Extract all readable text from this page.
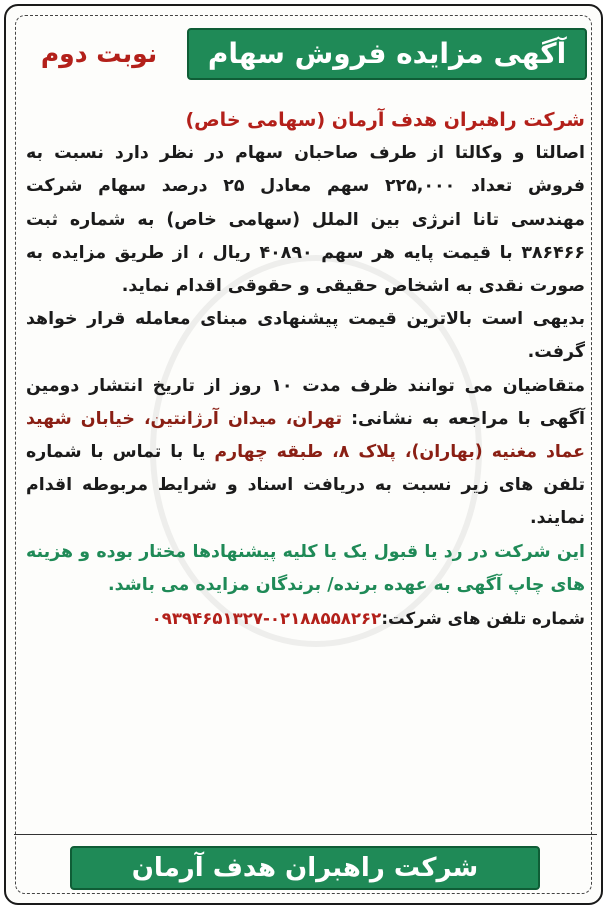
آگهی مزایده فروش سهام
نوبت دوم

شرکت راهبران هدف آرمان (سهامی خاص)

اصالتا و وکالتا از طرف صاحبان سهام در نظر دارد نسبت به فروش تعداد ۲۲۵,۰۰۰ سهم معادل ۲۵ درصد سهام شرکت مهندسی تانا انرژی بین الملل (سهامی خاص) به شماره ثبت ۳۸۶۴۶۶ با قیمت پایه هر سهم ۴۰۸۹۰ ریال ، از طریق مزایده به صورت نقدی به اشخاص حقیقی و حقوقی اقدام نماید.

بدیهی است بالاترین قیمت پیشنهادی مبنای معامله قرار خواهد گرفت.

متقاضیان می توانند ظرف مدت ۱۰ روز از تاریخ انتشار دومین آگهی با مراجعه به نشانی: تهران، میدان آرژانتین، خیابان شهید عماد مغنیه (بهاران)، پلاک ۸، طبقه چهارم یا با تماس با شماره تلفن های زیر نسبت به دریافت اسناد و شرایط مربوطه اقدام نمایند.

این شرکت در رد یا قبول یک یا کلیه پیشنهادها مختار بوده و هزینه های چاپ آگهی به عهده برنده/ برندگان مزایده می باشد.

شماره تلفن های شرکت:۰۲۱۸۸۵۵۸۲۶۲-۰۹۳۹۴۶۵۱۳۲۷

شرکت راهبران هدف آرمان
